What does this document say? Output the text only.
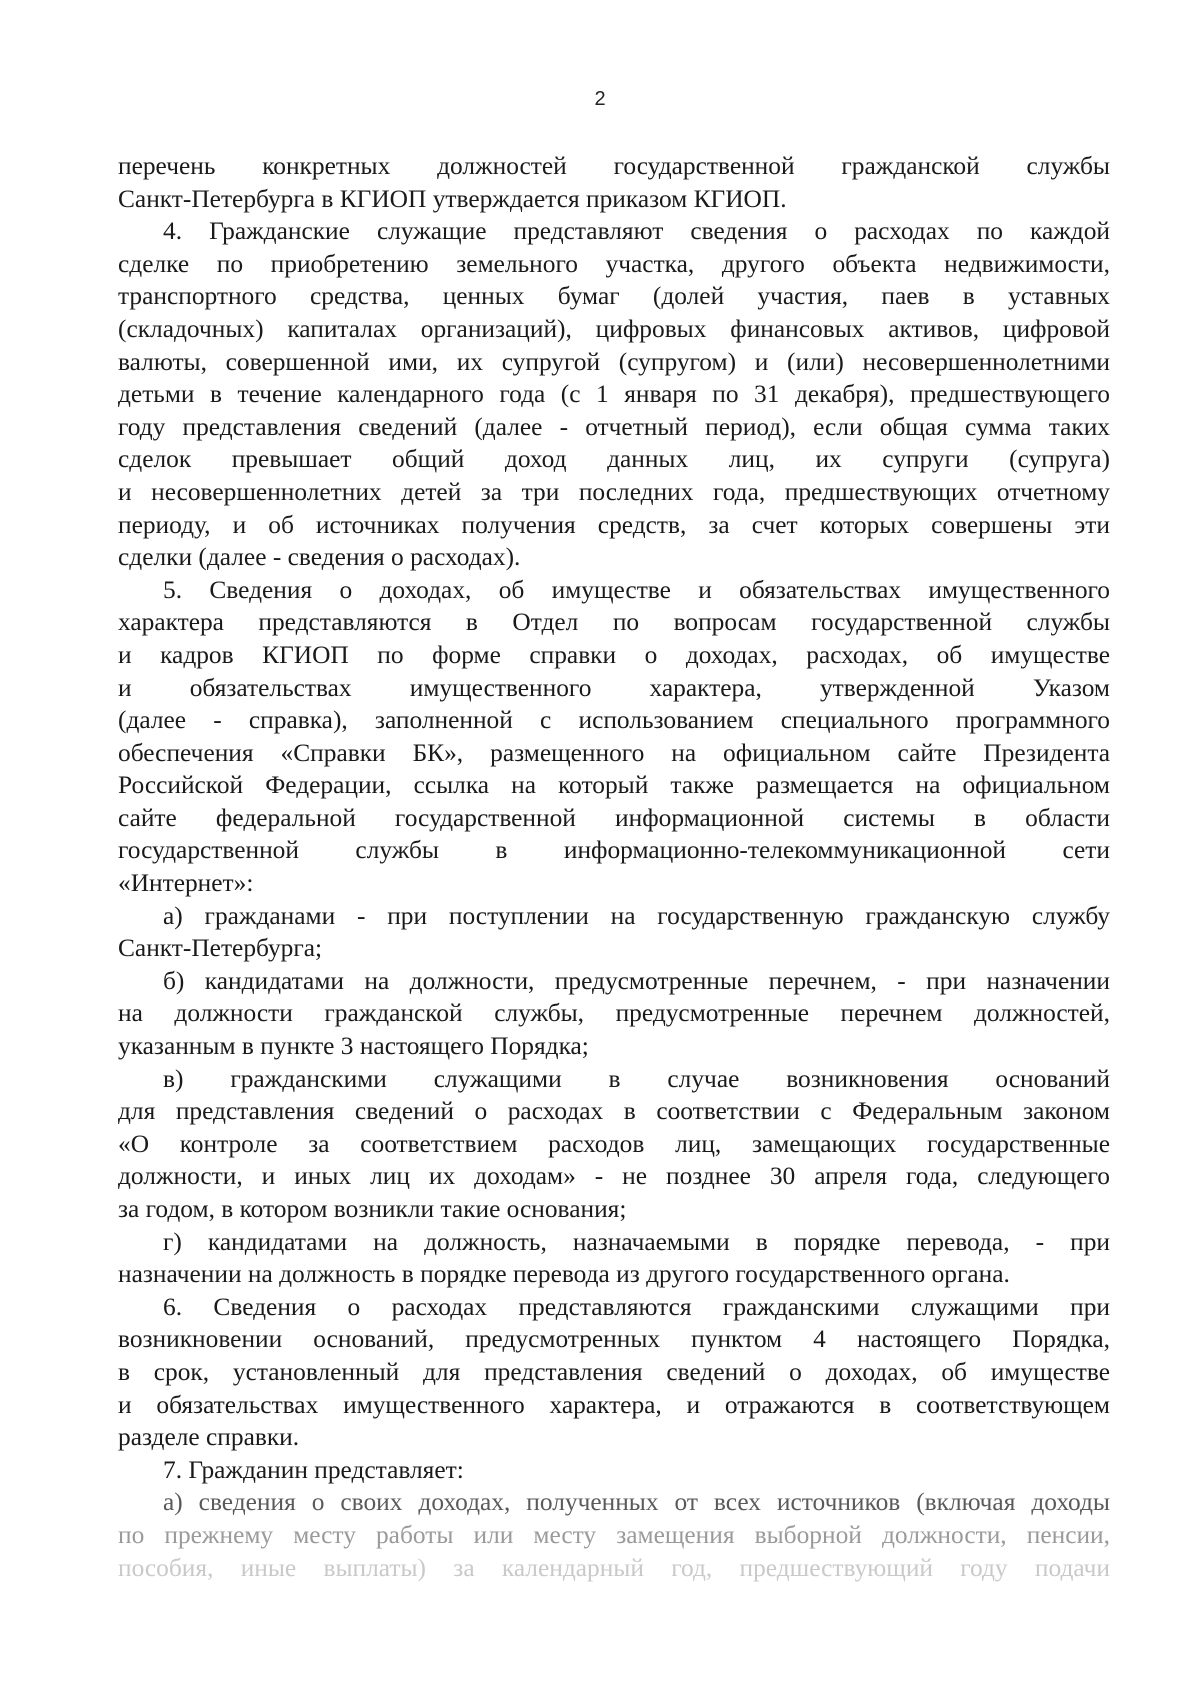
2
перечень конкретных должностей государственной гражданской службы
Санкт-Петербурга в КГИОП утверждается приказом КГИОП.
4. Гражданские служащие представляют сведения о расходах по каждой
сделке по приобретению земельного участка, другого объекта недвижимости,
транспортного средства, ценных бумаг (долей участия, паев в уставных
(складочных) капиталах организаций), цифровых финансовых активов, цифровой
валюты, совершенной ими, их супругой (супругом) и (или) несовершеннолетними
детьми в течение календарного года (с 1 января по 31 декабря), предшествующего
году представления сведений (далее - отчетный период), если общая сумма таких
сделок превышает общий доход данных лиц, их супруги (супруга)
и несовершеннолетних детей за три последних года, предшествующих отчетному
периоду, и об источниках получения средств, за счет которых совершены эти
сделки (далее - сведения о расходах).
5. Сведения о доходах, об имуществе и обязательствах имущественного
характера представляются в Отдел по вопросам государственной службы
и кадров КГИОП по форме справки о доходах, расходах, об имуществе
и обязательствах имущественного характера, утвержденной Указом
(далее - справка), заполненной с использованием специального программного
обеспечения «Справки БК», размещенного на официальном сайте Президента
Российской Федерации, ссылка на который также размещается на официальном
сайте федеральной государственной информационной системы в области
государственной службы в информационно-телекоммуникационной сети
«Интернет»:
а) гражданами - при поступлении на государственную гражданскую службу
Санкт-Петербурга;
б) кандидатами на должности, предусмотренные перечнем, - при назначении
на должности гражданской службы, предусмотренные перечнем должностей,
указанным в пункте 3 настоящего Порядка;
в) гражданскими служащими в случае возникновения оснований
для представления сведений о расходах в соответствии с Федеральным законом
«О контроле за соответствием расходов лиц, замещающих государственные
должности, и иных лиц их доходам» - не позднее 30 апреля года, следующего
за годом, в котором возникли такие основания;
г) кандидатами на должность, назначаемыми в порядке перевода, - при
назначении на должность в порядке перевода из другого государственного органа.
6. Сведения о расходах представляются гражданскими служащими при
возникновении оснований, предусмотренных пунктом 4 настоящего Порядка,
в срок, установленный для представления сведений о доходах, об имуществе
и обязательствах имущественного характера, и отражаются в соответствующем
разделе справки.
7. Гражданин представляет:
а) сведения о своих доходах, полученных от всех источников (включая доходы
по прежнему месту работы или месту замещения выборной должности, пенсии,
пособия, иные выплаты) за календарный год, предшествующий году подачи
